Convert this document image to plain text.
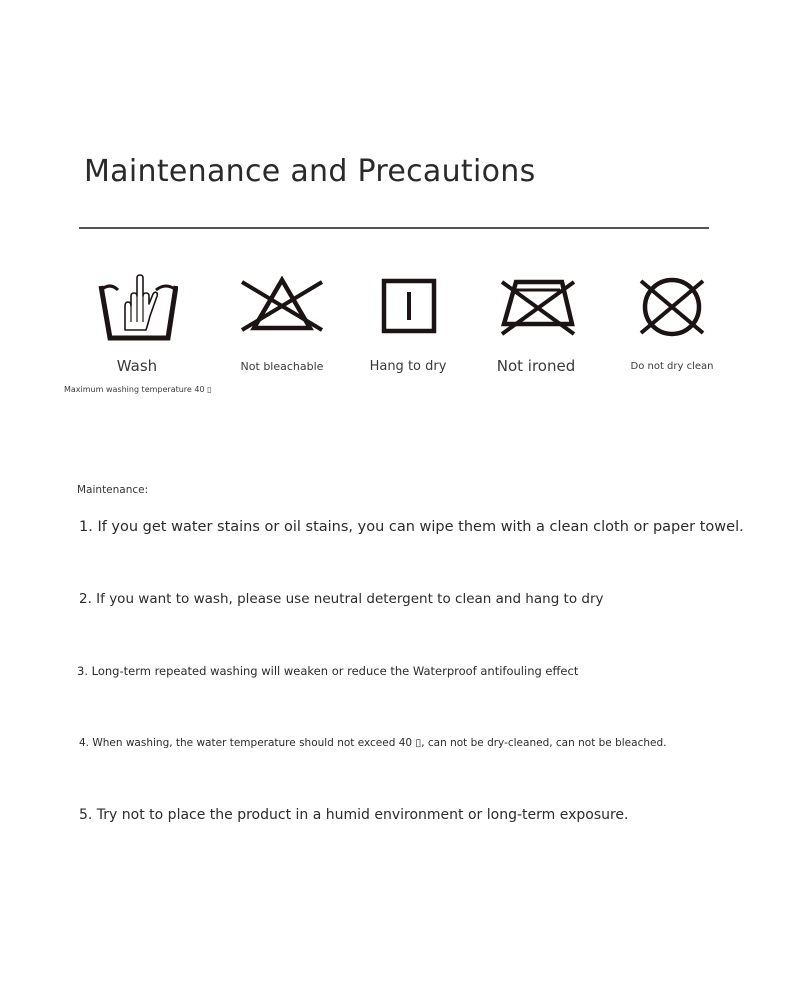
Maintenance and Precautions
Wash
Maximum washing temperature 40 ▯
Not bleachable	Hang to dry	Not ironed	Do not dry clean
Maintenance:
1. If you get water stains or oil stains, you can wipe them with a clean cloth or paper towel.
2. If you want to wash, please use neutral detergent to clean and hang to dry
3. Long-term repeated washing will weaken or reduce the Waterproof antifouling effect
4. When washing, the water temperature should not exceed 40 ▯, can not be dry-cleaned, can not be bleached.
5. Try not to place the product in a humid environment or long-term exposure.
